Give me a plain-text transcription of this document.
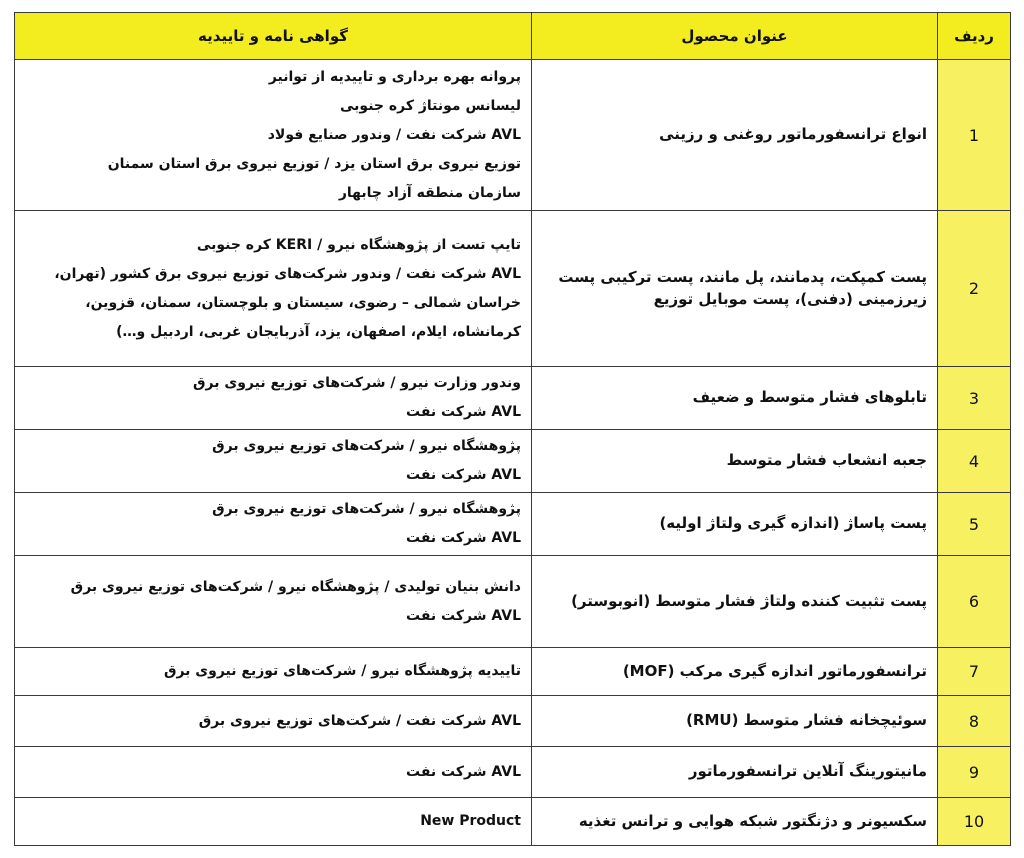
ردیف	عنوان محصول	گواهی نامه و تاییدیه
1	انواع ترانسفورماتور روغنی و رزینی	پروانه بهره برداری و تاییدیه از توانیر
لیسانس مونتاژ کره جنوبی
AVL شرکت نفت / وندور صنایع فولاد
توزیع نیروی برق استان یزد / توزیع نیروی برق استان سمنان
سازمان منطقه آزاد چابهار

2	پست کمپکت، پدمانند، پل مانند، پست ترکیبی پست زیرزمینی (دفنی)، پست موبایل توزیع	تایپ تست از پژوهشگاه نیرو / KERI کره جنوبی
AVL شرکت نفت / وندور شرکت‌های توزیع نیروی برق کشور (تهران، خراسان شمالی – رضوی، سیستان و بلوچستان، سمنان، قزوین، کرمانشاه، ایلام، اصفهان، یزد، آذربایجان غربی، اردبیل و…)

3	تابلوهای فشار متوسط و ضعیف	وندور وزارت نیرو / شرکت‌های توزیع نیروی برق
AVL شرکت نفت

4	جعبه انشعاب فشار متوسط	پژوهشگاه نیرو / شرکت‌های توزیع نیروی برق
AVL شرکت نفت

5	پست پاساژ (اندازه گیری ولتاژ اولیه)	پژوهشگاه نیرو / شرکت‌های توزیع نیروی برق
AVL شرکت نفت

6	پست تثبیت کننده ولتاژ فشار متوسط (انوبوستر)	دانش بنیان تولیدی / پژوهشگاه نیرو / شرکت‌های توزیع نیروی برق
AVL شرکت نفت

7	ترانسفورماتور اندازه گیری مرکب (MOF)	تاییدیه پژوهشگاه نیرو / شرکت‌های توزیع نیروی برق

8	سوئیچخانه فشار متوسط (RMU)	AVL شرکت نفت / شرکت‌های توزیع نیروی برق

9	مانیتورینگ آنلاین ترانسفورماتور	AVL شرکت نفت

10	سکسیونر و دژنگتور شبکه هوایی و ترانس تغذیه	New Product
